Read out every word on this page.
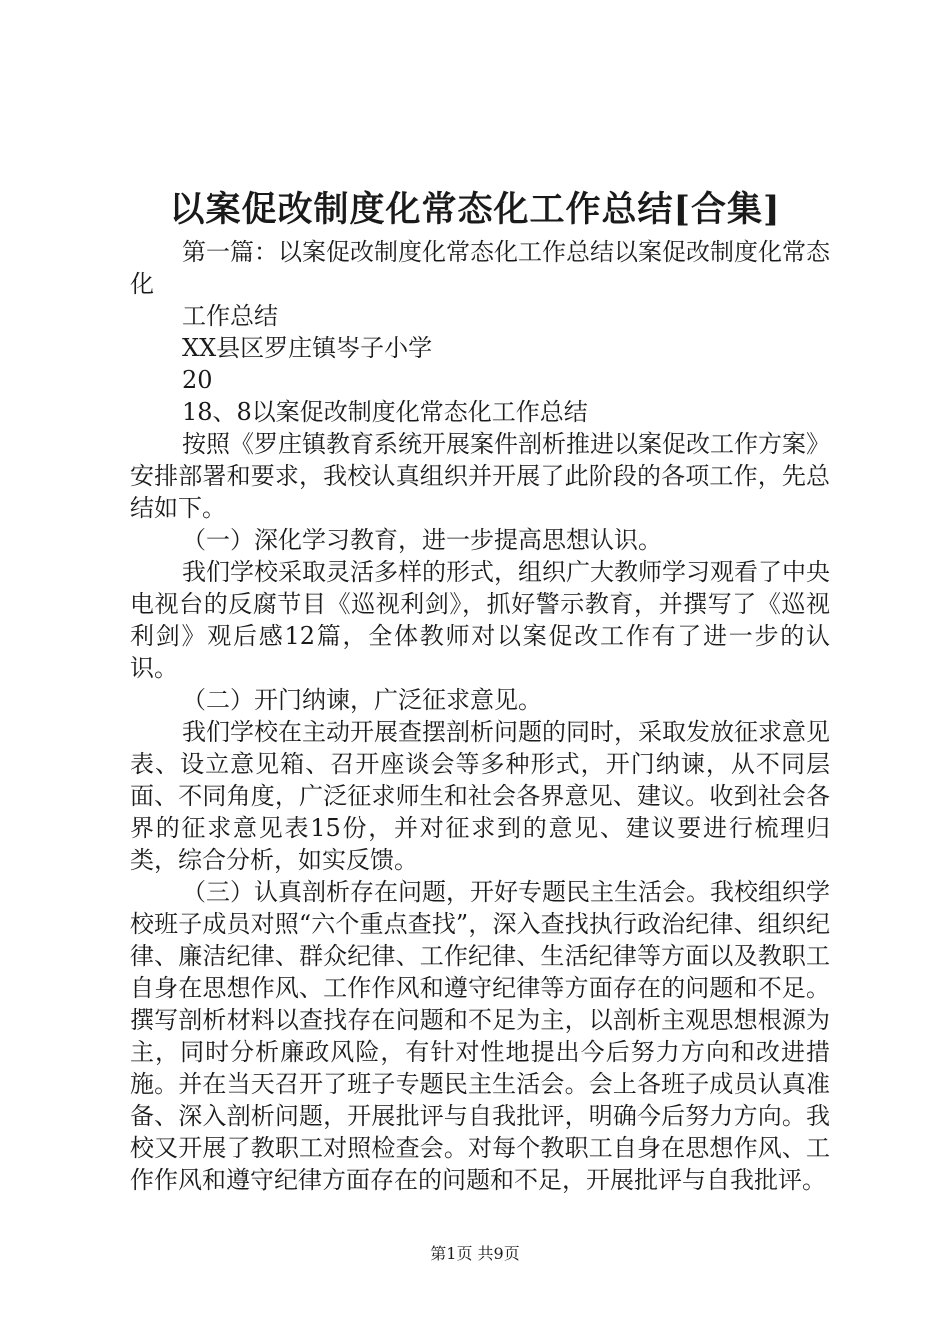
以案促改制度化常态化工作总结[合集]

第一篇：以案促改制度化常态化工作总结以案促改制度化常态化

工作总结

XX县区罗庄镇岑子小学

20

18、8以案促改制度化常态化工作总结

按照《罗庄镇教育系统开展案件剖析推进以案促改工作方案》安排部署和要求，我校认真组织并开展了此阶段的各项工作，先总结如下。

（一）深化学习教育，进一步提高思想认识。

我们学校采取灵活多样的形式，组织广大教师学习观看了中央电视台的反腐节目《巡视利剑》，抓好警示教育，并撰写了《巡视利剑》观后感12篇，全体教师对以案促改工作有了进一步的认识。

（二）开门纳谏，广泛征求意见。

我们学校在主动开展查摆剖析问题的同时，采取发放征求意见表、设立意见箱、召开座谈会等多种形式，开门纳谏，从不同层面、不同角度，广泛征求师生和社会各界意见、建议。收到社会各界的征求意见表15份，并对征求到的意见、建议要进行梳理归类，综合分析，如实反馈。

（三）认真剖析存在问题，开好专题民主生活会。我校组织学校班子成员对照“六个重点查找”，深入查找执行政治纪律、组织纪律、廉洁纪律、群众纪律、工作纪律、生活纪律等方面以及教职工自身在思想作风、工作作风和遵守纪律等方面存在的问题和不足。撰写剖析材料以查找存在问题和不足为主，以剖析主观思想根源为主，同时分析廉政风险，有针对性地提出今后努力方向和改进措施。并在当天召开了班子专题民主生活会。会上各班子成员认真准备、深入剖析问题，开展批评与自我批评，明确今后努力方向。我校又开展了教职工对照检查会。对每个教职工自身在思想作风、工作作风和遵守纪律方面存在的问题和不足，开展批评与自我批评。

第1页 共9页
